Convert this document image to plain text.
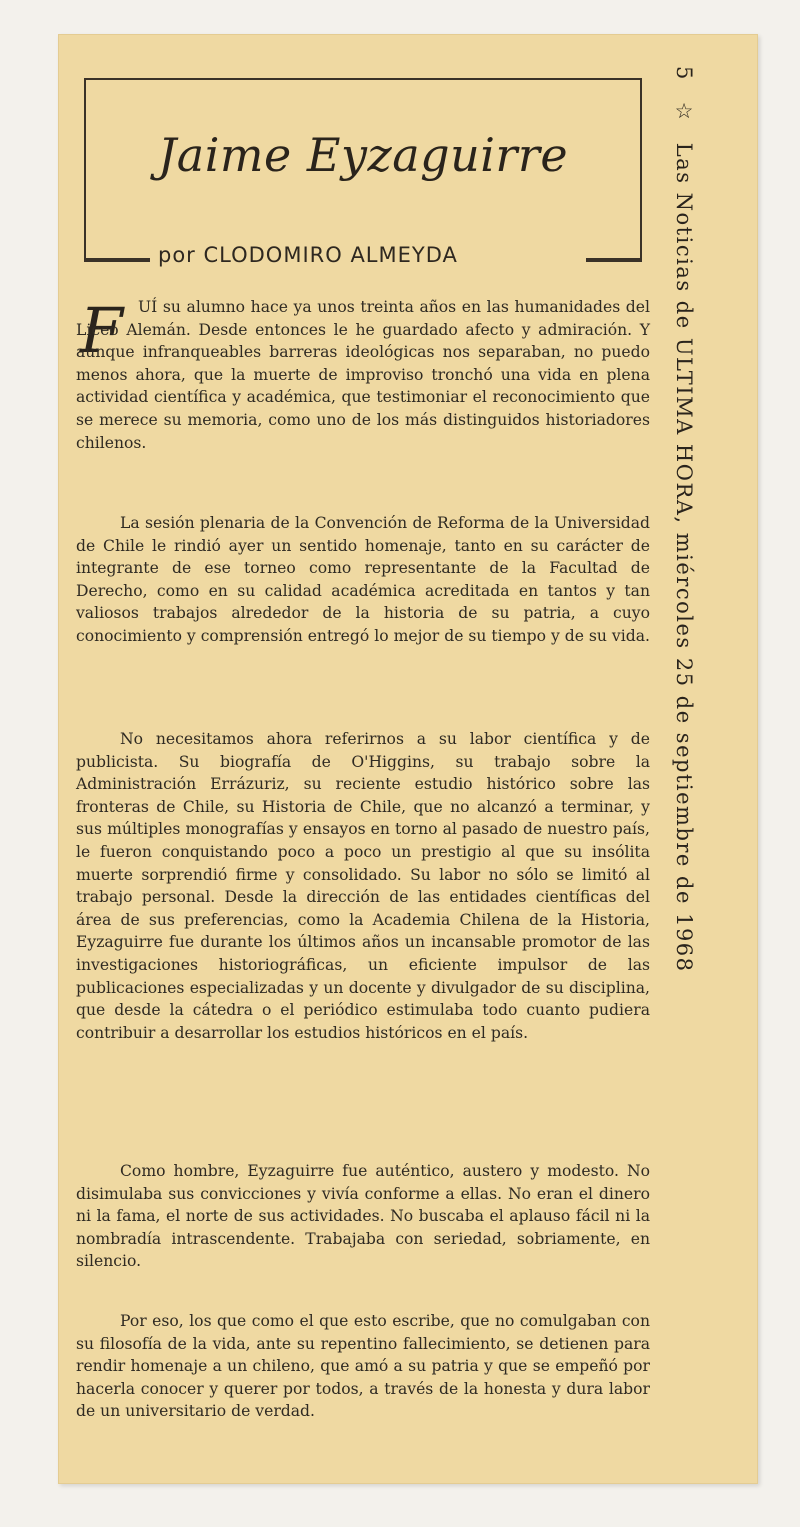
Jaime Eyzaguirre
por CLODOMIRO ALMEYDA
F UÍ su alumno hace ya unos treinta años en las humanidades del Liceo Alemán. Desde entonces le he guardado afecto y admiración. Y aunque infranqueables barreras ideológicas nos separaban, no puedo menos ahora, que la muerte de improviso tronchó una vida en plena actividad científica y académica, que testimoniar el reconocimiento que se merece su memoria, como uno de los más distinguidos historiadores chilenos.

La sesión plenaria de la Convención de Reforma de la Universidad de Chile le rindió ayer un sentido homenaje, tanto en su carácter de integrante de ese torneo como representante de la Facultad de Derecho, como en su calidad académica acreditada en tantos y tan valiosos trabajos alrededor de la historia de su patria, a cuyo conocimiento y comprensión entregó lo mejor de su tiempo y de su vida.

No necesitamos ahora referirnos a su labor científica y de publicista. Su biografía de O'Higgins, su trabajo sobre la Administración Errázuriz, su reciente estudio histórico sobre las fronteras de Chile, su Historia de Chile, que no alcanzó a terminar, y sus múltiples monografías y ensayos en torno al pasado de nuestro país, le fueron conquistando poco a poco un prestigio al que su insólita muerte sorprendió firme y consolidado. Su labor no sólo se limitó al trabajo personal. Desde la dirección de las entidades científicas del área de sus preferencias, como la Academia Chilena de la Historia, Eyzaguirre fue durante los últimos años un incansable promotor de las investigaciones historiográficas, un eficiente impulsor de las publicaciones especializadas y un docente y divulgador de su disciplina, que desde la cátedra o el periódico estimulaba todo cuanto pudiera contribuir a desarrollar los estudios históricos en el país.

Como hombre, Eyzaguirre fue auténtico, austero y modesto. No disimulaba sus convicciones y vivía conforme a ellas. No eran el dinero ni la fama, el norte de sus actividades. No buscaba el aplauso fácil ni la nombradía intrascendente. Trabajaba con seriedad, sobriamente, en silencio.

Por eso, los que como el que esto escribe, que no comulgaban con su filosofía de la vida, ante su repentino fallecimiento, se detienen para rendir homenaje a un chileno, que amó a su patria y que se empeñó por hacerla conocer y querer por todos, a través de la honesta y dura labor de un universitario de verdad.

5 ☆ Las Noticias de ULTIMA HORA, miércoles 25 de septiembre de 1968
